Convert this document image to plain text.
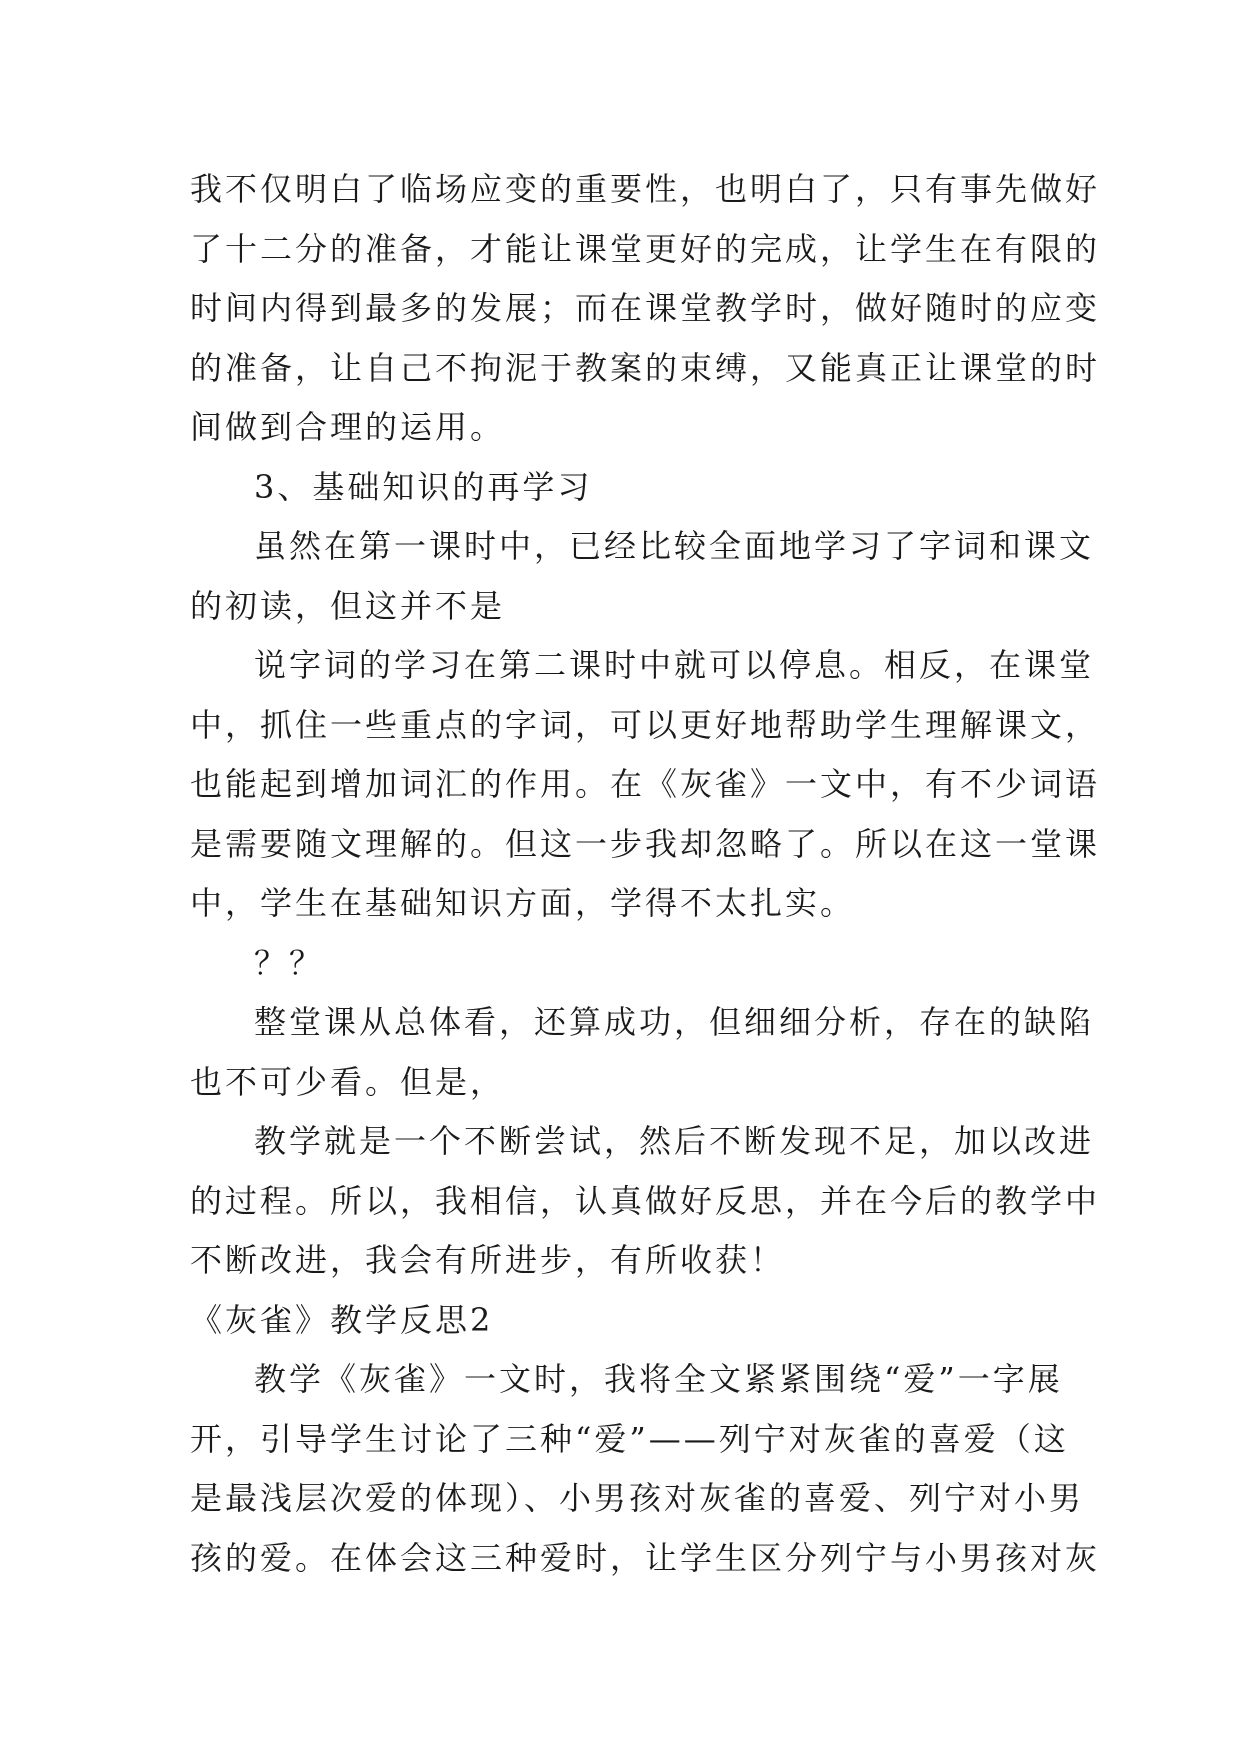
我不仅明白了临场应变的重要性，也明白了，只有事先做好
了十二分的准备，才能让课堂更好的完成，让学生在有限的
时间内得到最多的发展；而在课堂教学时，做好随时的应变
的准备，让自己不拘泥于教案的束缚，又能真正让课堂的时
间做到合理的运用。
3、基础知识的再学习
虽然在第一课时中，已经比较全面地学习了字词和课文
的初读，但这并不是
说字词的学习在第二课时中就可以停息。相反，在课堂
中，抓住一些重点的字词，可以更好地帮助学生理解课文，
也能起到增加词汇的作用。在《灰雀》一文中，有不少词语
是需要随文理解的。但这一步我却忽略了。所以在这一堂课
中，学生在基础知识方面，学得不太扎实。
？？
整堂课从总体看，还算成功，但细细分析，存在的缺陷
也不可少看。但是，
教学就是一个不断尝试，然后不断发现不足，加以改进
的过程。所以，我相信，认真做好反思，并在今后的教学中
不断改进，我会有所进步，有所收获！
《灰雀》教学反思2
教学《灰雀》一文时，我将全文紧紧围绕“爱”一字展
开，引导学生讨论了三种“爱”——列宁对灰雀的喜爱（这
是最浅层次爱的体现）、小男孩对灰雀的喜爱、列宁对小男
孩的爱。在体会这三种爱时，让学生区分列宁与小男孩对灰
